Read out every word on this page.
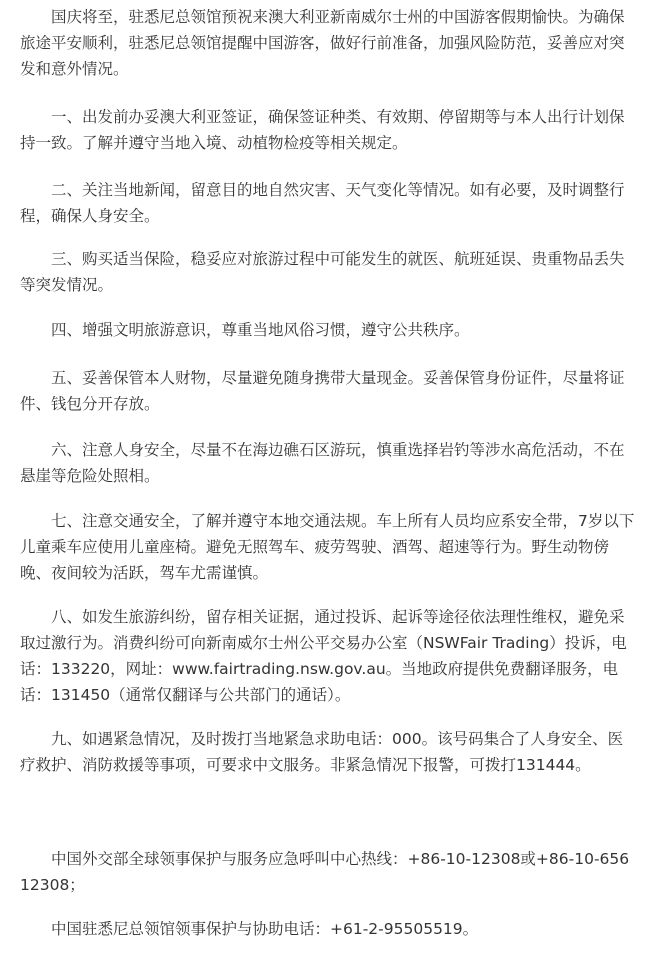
国庆将至，驻悉尼总领馆预祝来澳大利亚新南威尔士州的中国游客假期愉快。为确保旅途平安顺利，驻悉尼总领馆提醒中国游客，做好行前准备，加强风险防范，妥善应对突发和意外情况。

一、出发前办妥澳大利亚签证，确保签证种类、有效期、停留期等与本人出行计划保持一致。了解并遵守当地入境、动植物检疫等相关规定。

二、关注当地新闻，留意目的地自然灾害、天气变化等情况。如有必要，及时调整行程，确保人身安全。

三、购买适当保险，稳妥应对旅游过程中可能发生的就医、航班延误、贵重物品丢失等突发情况。

四、增强文明旅游意识，尊重当地风俗习惯，遵守公共秩序。

五、妥善保管本人财物，尽量避免随身携带大量现金。妥善保管身份证件，尽量将证件、钱包分开存放。

六、注意人身安全，尽量不在海边礁石区游玩，慎重选择岩钓等涉水高危活动，不在悬崖等危险处照相。

七、注意交通安全，了解并遵守本地交通法规。车上所有人员均应系安全带，7岁以下儿童乘车应使用儿童座椅。避免无照驾车、疲劳驾驶、酒驾、超速等行为。野生动物傍晚、夜间较为活跃，驾车尤需谨慎。

八、如发生旅游纠纷，留存相关证据，通过投诉、起诉等途径依法理性维权，避免采取过激行为。消费纠纷可向新南威尔士州公平交易办公室（NSWFair Trading）投诉，电话：133220，网址：www.fairtrading.nsw.gov.au。当地政府提供免费翻译服务，电话：131450（通常仅翻译与公共部门的通话）。

九、如遇紧急情况，及时拨打当地紧急求助电话：000。该号码集合了人身安全、医疗救护、消防救援等事项，可要求中文服务。非紧急情况下报警，可拨打131444。

中国外交部全球领事保护与服务应急呼叫中心热线：+86-10-12308或+86-10-65612308；

中国驻悉尼总领馆领事保护与协助电话：+61-2-95505519。
